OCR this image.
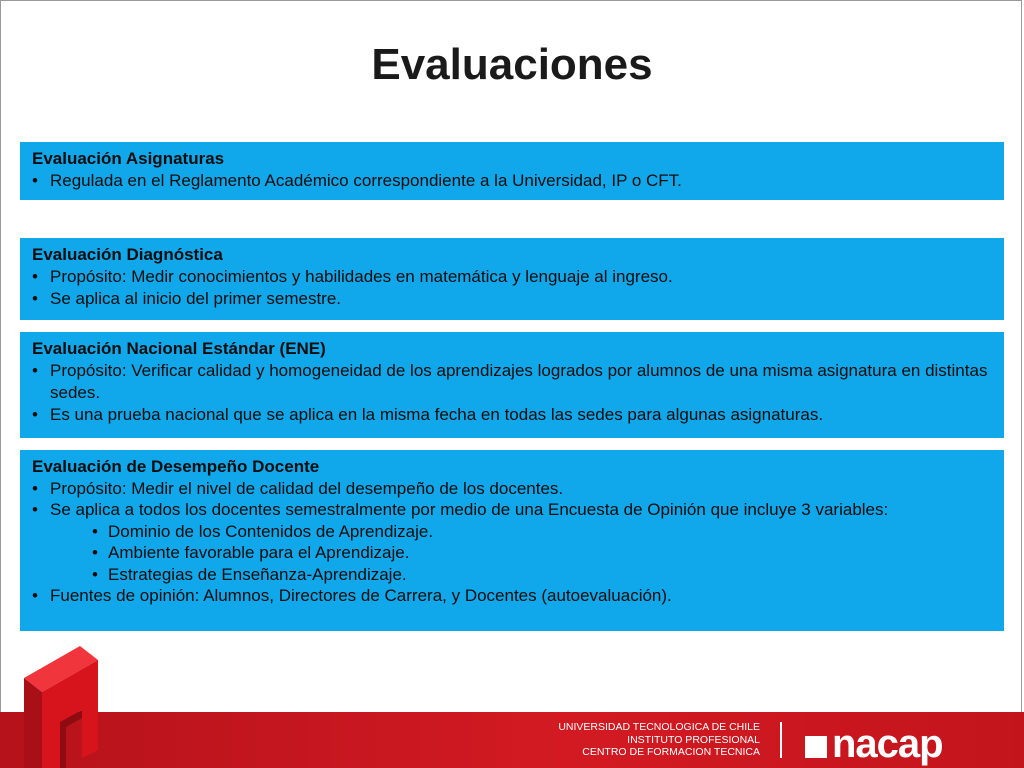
Evaluaciones
Evaluación Asignaturas
• Regulada en el Reglamento Académico correspondiente a la Universidad, IP o CFT.
Evaluación Diagnóstica
• Propósito: Medir conocimientos y habilidades en matemática y lenguaje al ingreso.
• Se aplica al inicio del primer semestre.
Evaluación Nacional Estándar (ENE)
• Propósito: Verificar calidad y homogeneidad de los aprendizajes logrados por alumnos de una misma asignatura en distintas sedes.
• Es una prueba nacional que se aplica en la misma fecha en todas las sedes para algunas asignaturas.
Evaluación de Desempeño Docente
• Propósito: Medir el nivel de calidad del desempeño de los docentes.
• Se aplica a todos los docentes semestralmente por medio de una Encuesta de Opinión que incluye 3 variables:
• Dominio de los Contenidos de Aprendizaje.
• Ambiente favorable para el Aprendizaje.
• Estrategias de Enseñanza-Aprendizaje.
• Fuentes de opinión: Alumnos, Directores de Carrera, y Docentes (autoevaluación).
UNIVERSIDAD TECNOLOGICA DE CHILE
INSTITUTO PROFESIONAL
CENTRO DE FORMACION TECNICA nacap
